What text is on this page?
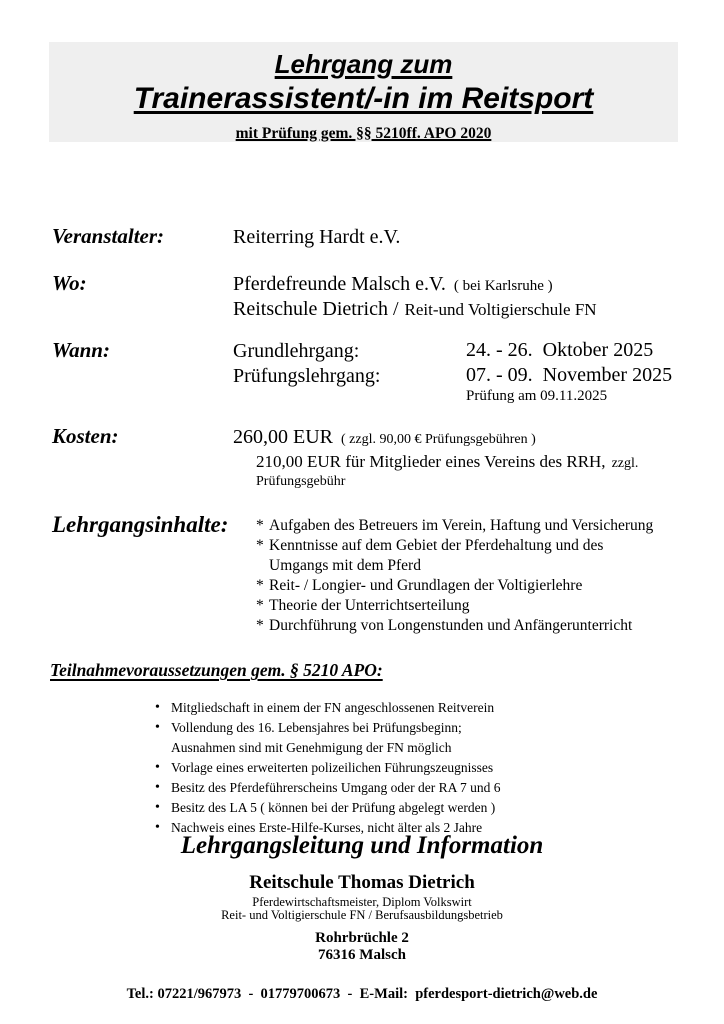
Lehrgang zum
Trainerassistent/-in im Reitsport
mit Prüfung gem. §§ 5210ff. APO 2020
Veranstalter:	Reiterring Hardt e.V.
Wo:	Pferdefreunde Malsch e.V. ( bei Karlsruhe )
Reitschule Dietrich / Reit-und Voltigierschule FN
Wann:	Grundlehrgang:	24. - 26.  Oktober 2025
Prüfungslehrgang:	07. - 09.  November 2025
Prüfung am 09.11.2025
Kosten:	260,00 EUR ( zzgl. 90,00 € Prüfungsgebühren )
210,00 EUR für Mitglieder eines Vereins des RRH, zzgl. Prüfungsgebühr
Lehrgangsinhalte: * Aufgaben des Betreuers im Verein, Haftung und Versicherung
* Kenntnisse auf dem Gebiet der Pferdehaltung und des
Umgangs mit dem Pferd
* Reit- / Longier- und Grundlagen der Voltigierlehre
* Theorie der Unterrichtserteilung
* Durchführung von Longenstunden und Anfängerunterricht
Teilnahmevoraussetzungen gem. § 5210 APO:
• Mitgliedschaft in einem der FN angeschlossenen Reitverein
• Vollendung des 16. Lebensjahres bei Prüfungsbeginn;
Ausnahmen sind mit Genehmigung der FN möglich
• Vorlage eines erweiterten polizeilichen Führungszeugnisses
• Besitz des Pferdeführerscheins Umgang oder der RA 7 und 6
• Besitz des LA 5 ( können bei der Prüfung abgelegt werden )
• Nachweis eines Erste-Hilfe-Kurses, nicht älter als 2 Jahre
Lehrgangsleitung und Information
Reitschule Thomas Dietrich
Pferdewirtschaftsmeister, Diplom Volkswirt
Reit- und Voltigierschule FN / Berufsausbildungsbetrieb
Rohrbrüchle 2
76316 Malsch
Tel.: 07221/967973  -  01779700673  -  E-Mail:  pferdesport-dietrich@web.de
